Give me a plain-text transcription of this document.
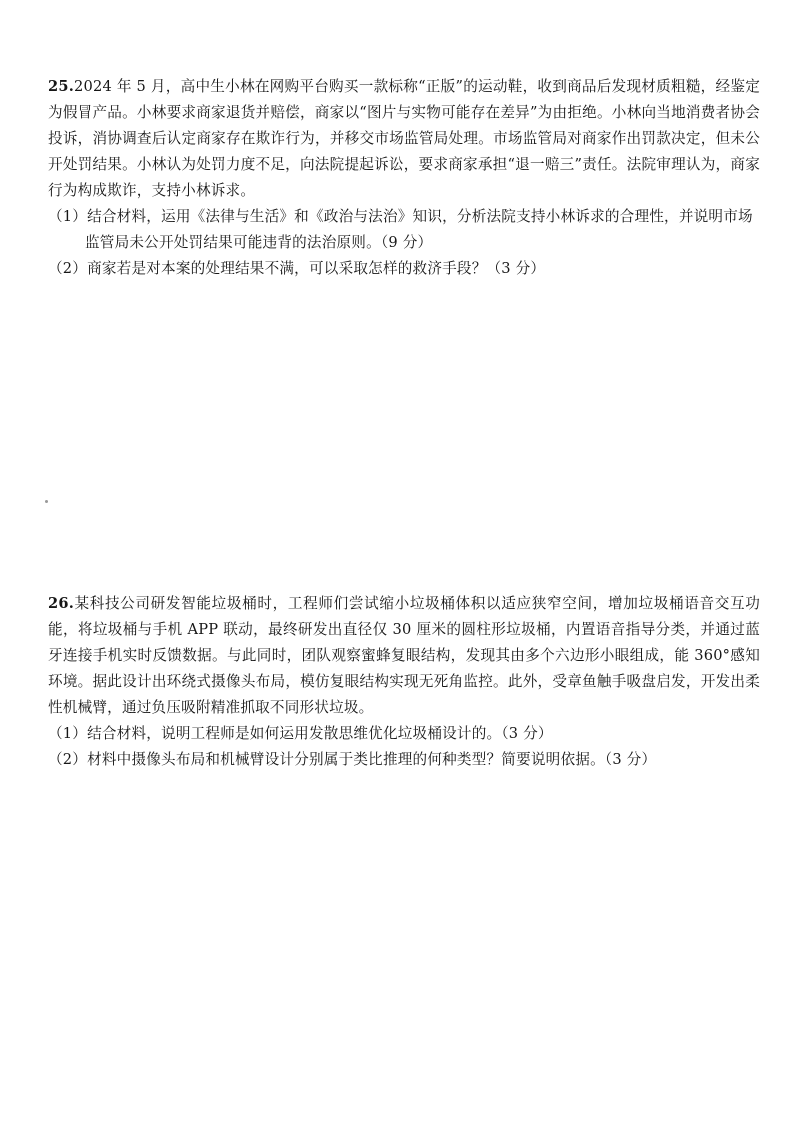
25.2024 年 5 月，高中生小林在网购平台购买一款标称“正版”的运动鞋，收到商品后发现材质粗糙，经鉴定为假冒产品。小林要求商家退货并赔偿，商家以“图片与实物可能存在差异”为由拒绝。小林向当地消费者协会投诉，消协调查后认定商家存在欺诈行为，并移交市场监管局处理。市场监管局对商家作出罚款决定，但未公开处罚结果。小林认为处罚力度不足，向法院提起诉讼，要求商家承担“退一赔三”责任。法院审理认为，商家行为构成欺诈，支持小林诉求。

（1）结合材料，运用《法律与生活》和《政治与法治》知识，分析法院支持小林诉求的合理性，并说明市场监管局未公开处罚结果可能违背的法治原则。（9 分）

（2）商家若是对本案的处理结果不满，可以采取怎样的救济手段？（3 分）

26.某科技公司研发智能垃圾桶时，工程师们尝试缩小垃圾桶体积以适应狭窄空间，增加垃圾桶语音交互功能，将垃圾桶与手机 APP 联动，最终研发出直径仅 30 厘米的圆柱形垃圾桶，内置语音指导分类，并通过蓝牙连接手机实时反馈数据。与此同时，团队观察蜜蜂复眼结构，发现其由多个六边形小眼组成，能 360°感知环境。据此设计出环绕式摄像头布局，模仿复眼结构实现无死角监控。此外，受章鱼触手吸盘启发，开发出柔性机械臂，通过负压吸附精准抓取不同形状垃圾。

（1）结合材料，说明工程师是如何运用发散思维优化垃圾桶设计的。（3 分）

（2）材料中摄像头布局和机械臂设计分别属于类比推理的何种类型？简要说明依据。（3 分）
